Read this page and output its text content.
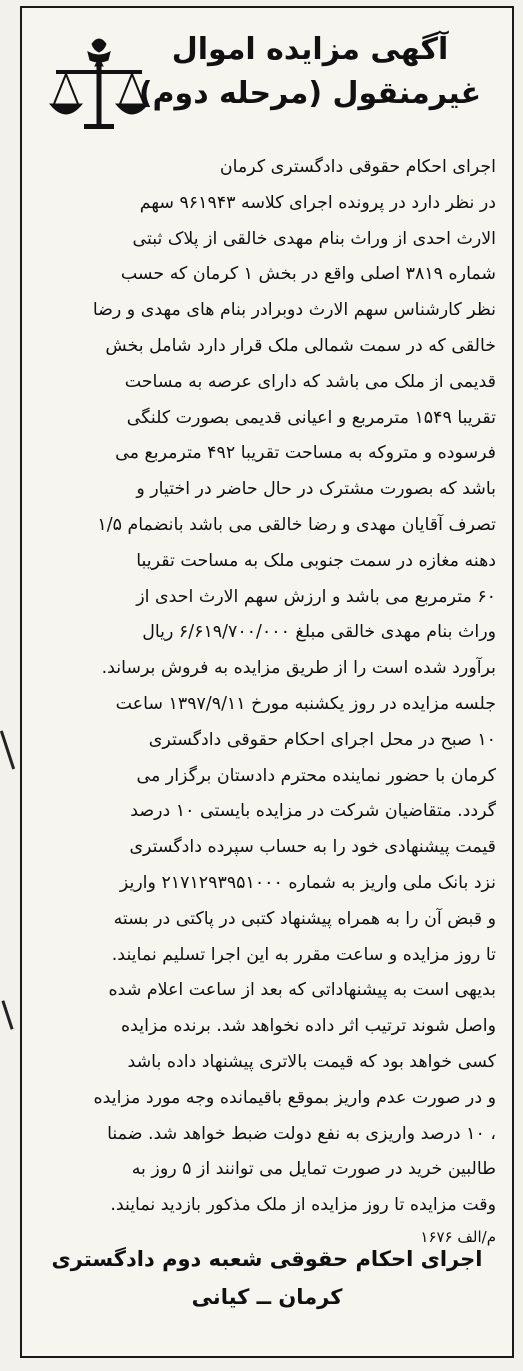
آگهی مزایده اموال
غیرمنقول (مرحله دوم)
اجرای احکام حقوقی دادگستری کرمان
در نظر دارد در پرونده اجرای کلاسه ۹۶۱۹۴۳ سهم
الارث احدی از وراث بنام مهدی خالقی از پلاک ثبتی
شماره ۳۸۱۹ اصلی واقع در بخش ۱ کرمان که حسب
نظر کارشناس سهم الارث دوبرادر بنام های مهدی و رضا
خالقی که در سمت شمالی ملک قرار دارد شامل بخش
قدیمی از ملک می باشد که دارای عرصه به مساحت
تقریبا ۱۵۴۹ مترمربع و اعیانی قدیمی بصورت کلنگی
فرسوده و متروکه به مساحت تقریبا ۴۹۲ مترمربع می
باشد که بصورت مشترک در حال حاضر در اختیار و
تصرف آقایان مهدی و رضا خالقی می باشد بانضمام ۱/۵
دهنه مغازه در سمت جنوبی ملک به مساحت تقریبا
۶۰ مترمربع می باشد و ارزش سهم الارث احدی از
وراث بنام مهدی خالقی مبلغ ۶/۶۱۹/۷۰۰/۰۰۰ ریال
برآورد شده است را از طریق مزایده به فروش برساند.
جلسه مزایده در روز یکشنبه مورخ ۱۳۹۷/۹/۱۱ ساعت
۱۰ صبح در محل اجرای احکام حقوقی دادگستری
کرمان با حضور نماینده محترم دادستان برگزار می
گردد. متقاضیان شرکت در مزایده بایستی ۱۰ درصد
قیمت پیشنهادی خود را به حساب سپرده دادگستری
نزد بانک ملی واریز به شماره ۲۱۷۱۲۹۳۹۵۱۰۰۰ واریز
و قبض آن را به همراه پیشنهاد کتبی در پاکتی در بسته
تا روز مزایده و ساعت مقرر به این اجرا تسلیم نمایند.
بدیهی است به پیشنهاداتی که بعد از ساعت اعلام شده
واصل شوند ترتیب اثر داده نخواهد شد. برنده مزایده
کسی خواهد بود که قیمت بالاتری پیشنهاد داده باشد
و در صورت عدم واریز بموقع باقیمانده وجه مورد مزایده
، ۱۰ درصد واریزی به نفع دولت ضبط خواهد شد. ضمنا
طالبین خرید در صورت تمایل می توانند از ۵ روز به
وقت مزایده تا روز مزایده از ملک مذکور بازدید نمایند.
م/الف ۱۶۷۶
اجرای احکام حقوقی شعبه دوم دادگستری
کرمان ــ کیانی
